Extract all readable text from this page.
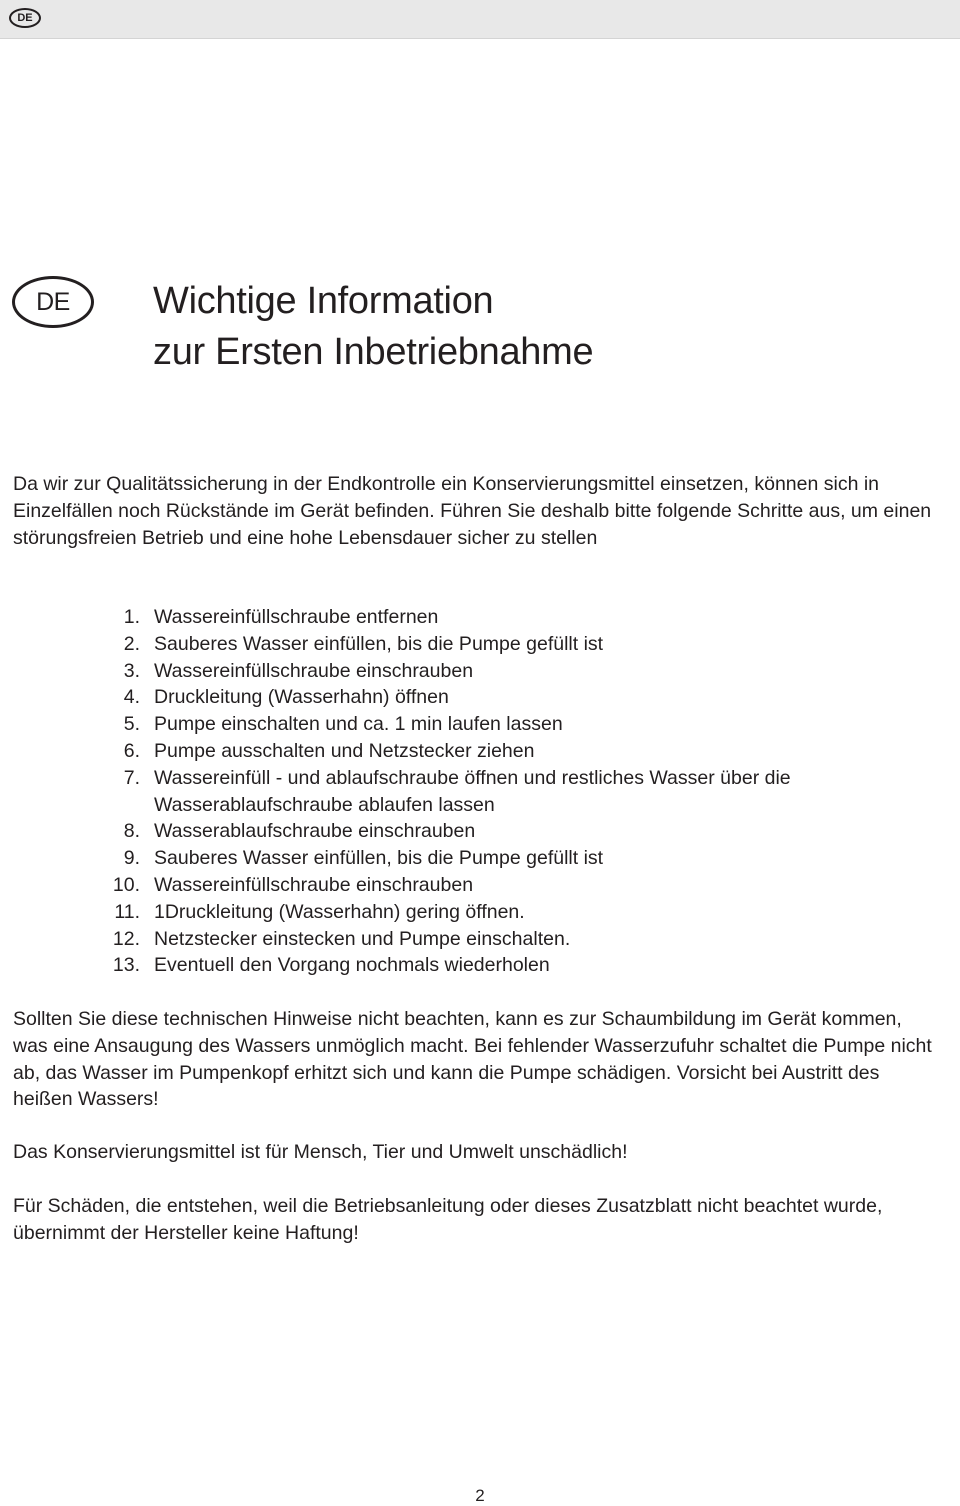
DE
DE	Wichtige Information
zur Ersten Inbetriebnahme

Da wir zur Qualitätssicherung in der Endkontrolle ein Konservierungsmittel einsetzen, können sich in Einzelfällen noch Rückstände im Gerät befinden. Führen Sie deshalb bitte folgende Schritte aus, um einen störungsfreien Betrieb und eine hohe Lebensdauer sicher zu stellen

1. Wassereinfüllschraube entfernen
2. Sauberes Wasser einfüllen, bis die Pumpe gefüllt ist
3. Wassereinfüllschraube einschrauben
4. Druckleitung (Wasserhahn) öffnen
5. Pumpe einschalten und ca. 1 min laufen lassen
6. Pumpe ausschalten und Netzstecker ziehen
7. Wassereinfüll - und ablaufschraube öffnen und restliches Wasser über die Wasserablaufschraube ablaufen lassen
8. Wasserablaufschraube einschrauben
9. Sauberes Wasser einfüllen, bis die Pumpe gefüllt ist
10. Wassereinfüllschraube einschrauben
11. 1Druckleitung (Wasserhahn) gering öffnen.
12. Netzstecker einstecken und Pumpe einschalten.
13. Eventuell den Vorgang nochmals wiederholen

Sollten Sie diese technischen Hinweise nicht beachten, kann es zur Schaumbildung im Gerät kommen, was eine Ansaugung des Wassers unmöglich macht. Bei fehlender Wasserzufuhr schaltet die Pumpe nicht ab, das Wasser im Pumpenkopf erhitzt sich und kann die Pumpe schädigen. Vorsicht bei Austritt des heißen Wassers!

Das Konservierungsmittel ist für Mensch, Tier und Umwelt unschädlich!

Für Schäden, die entstehen, weil die Betriebsanleitung oder dieses Zusatzblatt nicht beachtet wurde, übernimmt der Hersteller keine Haftung!

2
